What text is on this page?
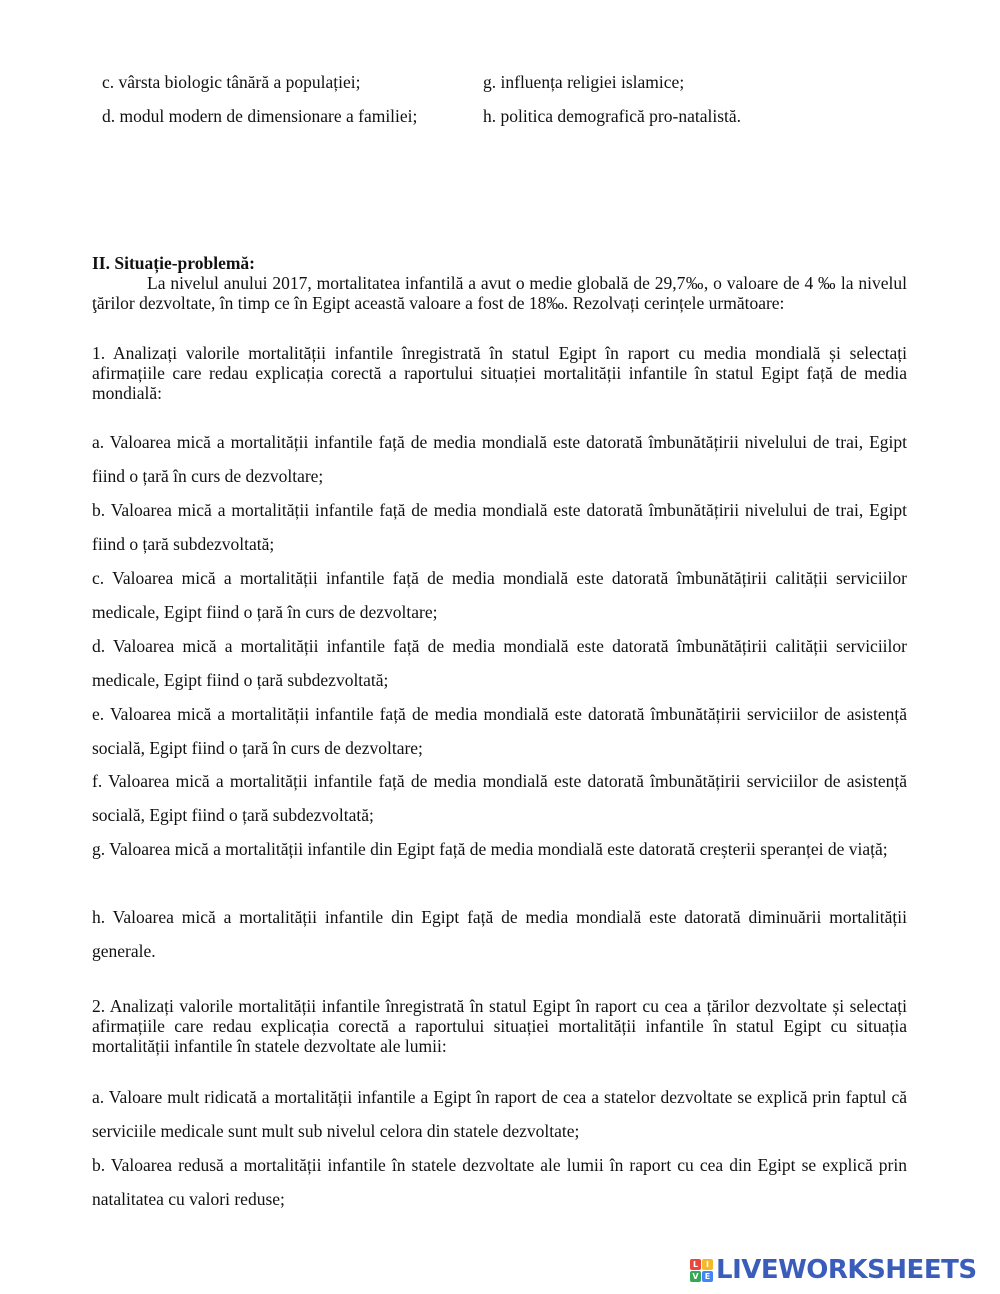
c. vârsta biologic tânără a populației;	g. influența religiei islamice;
d. modul modern de dimensionare a familiei;	h. politica demografică pro-natalistă.
II. Situație-problemă:
La nivelul anului 2017, mortalitatea infantilă a avut o medie globală de 29,7‰, o valoare de 4 ‰ la nivelul ţărilor dezvoltate, în timp ce în Egipt această valoare a fost de 18‰. Rezolvați cerințele următoare:
1. Analizați valorile mortalității infantile înregistrată în statul Egipt în raport cu media mondială și selectați afirmațiile care redau explicația corectă a raportului situației mortalității infantile în statul Egipt față de media mondială:
a. Valoarea mică a mortalității infantile față de media mondială este datorată îmbunătățirii nivelului de trai, Egipt fiind o țară în curs de dezvoltare;
b. Valoarea mică a mortalității infantile față de media mondială este datorată îmbunătățirii nivelului de trai, Egipt fiind o țară subdezvoltată;
c. Valoarea mică a mortalității infantile față de media mondială este datorată îmbunătățirii calității serviciilor medicale, Egipt fiind o țară în curs de dezvoltare;
d. Valoarea mică a mortalității infantile față de media mondială este datorată îmbunătățirii calității serviciilor medicale, Egipt fiind o țară subdezvoltată;
e. Valoarea mică a mortalității infantile față de media mondială este datorată îmbunătățirii serviciilor de asistență socială, Egipt fiind o țară în curs de dezvoltare;
f. Valoarea mică a mortalității infantile față de media mondială este datorată îmbunătățirii serviciilor de asistență socială, Egipt fiind o țară subdezvoltată;
g. Valoarea mică a mortalității infantile din Egipt față de media mondială este datorată creșterii speranței de viață;
h. Valoarea mică a mortalității infantile din Egipt față de media mondială este datorată diminuării mortalității generale.
2. Analizați valorile mortalității infantile înregistrată în statul Egipt în raport cu cea a țărilor dezvoltate și selectați afirmațiile care redau explicația corectă a raportului situației mortalității infantile în statul Egipt cu situația mortalității infantile în statele dezvoltate ale lumii:
a. Valoare mult ridicată a mortalității infantile a Egipt în raport de cea a statelor dezvoltate se explică prin faptul că serviciile medicale sunt mult sub nivelul celora din statele dezvoltate;
b. Valoarea redusă a mortalității infantile în statele dezvoltate ale lumii în raport cu cea din Egipt se explică prin natalitatea cu valori reduse;
L I
V E LIVEWORKSHEETS
